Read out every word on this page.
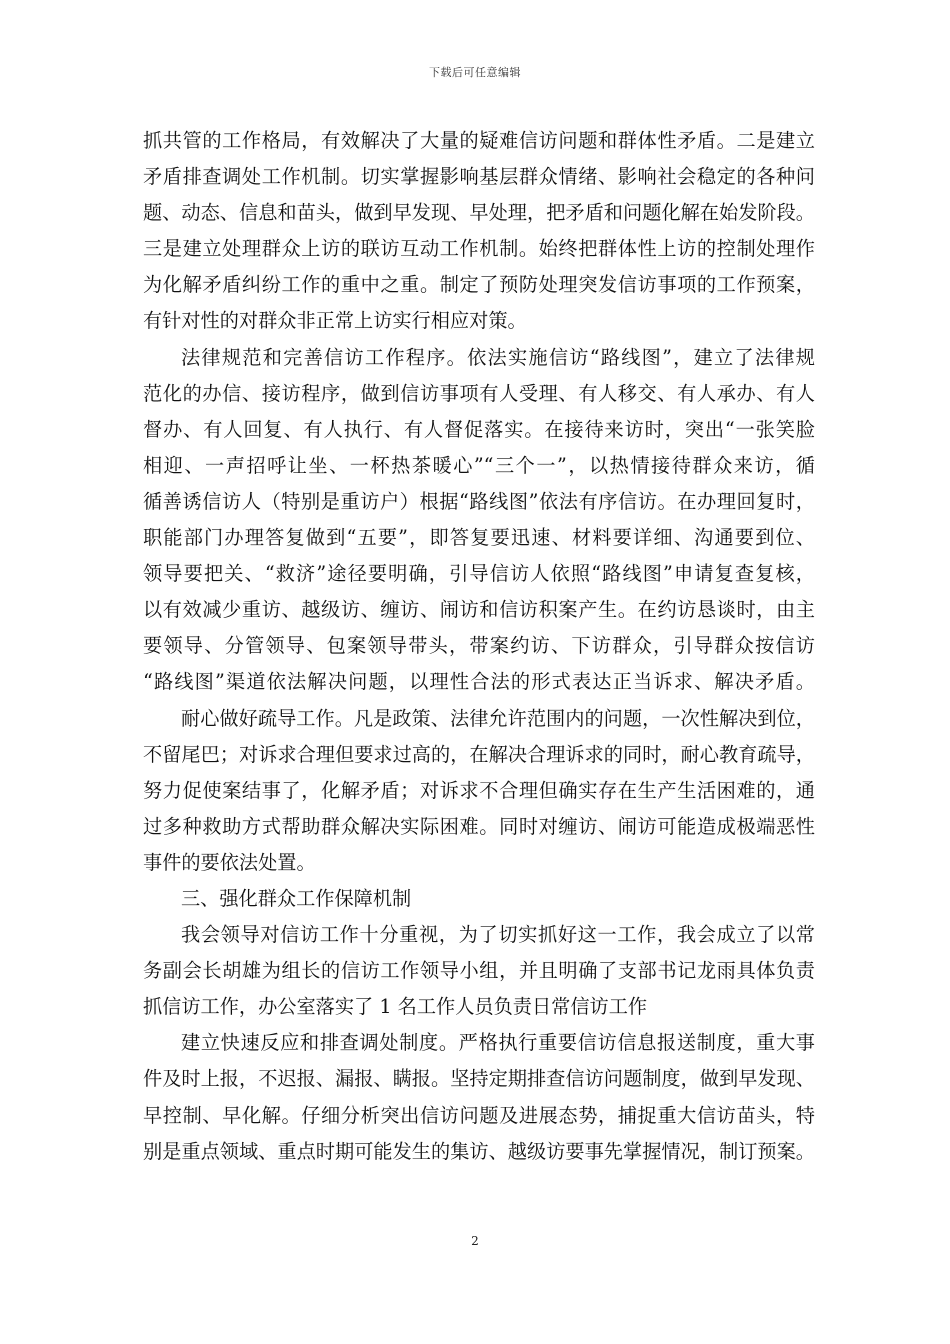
下载后可任意编辑
抓共管的工作格局，有效解决了大量的疑难信访问题和群体性矛盾。二是建立
矛盾排查调处工作机制。切实掌握影响基层群众情绪、影响社会稳定的各种问
题、动态、信息和苗头，做到早发现、早处理，把矛盾和问题化解在始发阶段。
三是建立处理群众上访的联访互动工作机制。始终把群体性上访的控制处理作
为化解矛盾纠纷工作的重中之重。制定了预防处理突发信访事项的工作预案，
有针对性的对群众非正常上访实行相应对策。
法律规范和完善信访工作程序。依法实施信访“路线图”，建立了法律规
范化的办信、接访程序，做到信访事项有人受理、有人移交、有人承办、有人
督办、有人回复、有人执行、有人督促落实。在接待来访时，突出“一张笑脸
相迎、一声招呼让坐、一杯热茶暖心”“三个一”，以热情接待群众来访，循
循善诱信访人（特别是重访户）根据“路线图”依法有序信访。在办理回复时，
职能部门办理答复做到“五要”，即答复要迅速、材料要详细、沟通要到位、
领导要把关、“救济”途径要明确，引导信访人依照“路线图”申请复查复核，
以有效减少重访、越级访、缠访、闹访和信访积案产生。在约访恳谈时，由主
要领导、分管领导、包案领导带头，带案约访、下访群众，引导群众按信访
“路线图”渠道依法解决问题，以理性合法的形式表达正当诉求、解决矛盾。
耐心做好疏导工作。凡是政策、法律允许范围内的问题，一次性解决到位，
不留尾巴；对诉求合理但要求过高的，在解决合理诉求的同时，耐心教育疏导，
努力促使案结事了，化解矛盾；对诉求不合理但确实存在生产生活困难的，通
过多种救助方式帮助群众解决实际困难。同时对缠访、闹访可能造成极端恶性
事件的要依法处置。
三、强化群众工作保障机制
我会领导对信访工作十分重视，为了切实抓好这一工作，我会成立了以常
务副会长胡雄为组长的信访工作领导小组，并且明确了支部书记龙雨具体负责
抓信访工作，办公室落实了 1 名工作人员负责日常信访工作
建立快速反应和排查调处制度。严格执行重要信访信息报送制度，重大事
件及时上报，不迟报、漏报、瞒报。坚持定期排查信访问题制度，做到早发现、
早控制、早化解。仔细分析突出信访问题及进展态势，捕捉重大信访苗头，特
别是重点领域、重点时期可能发生的集访、越级访要事先掌握情况，制订预案。
2
